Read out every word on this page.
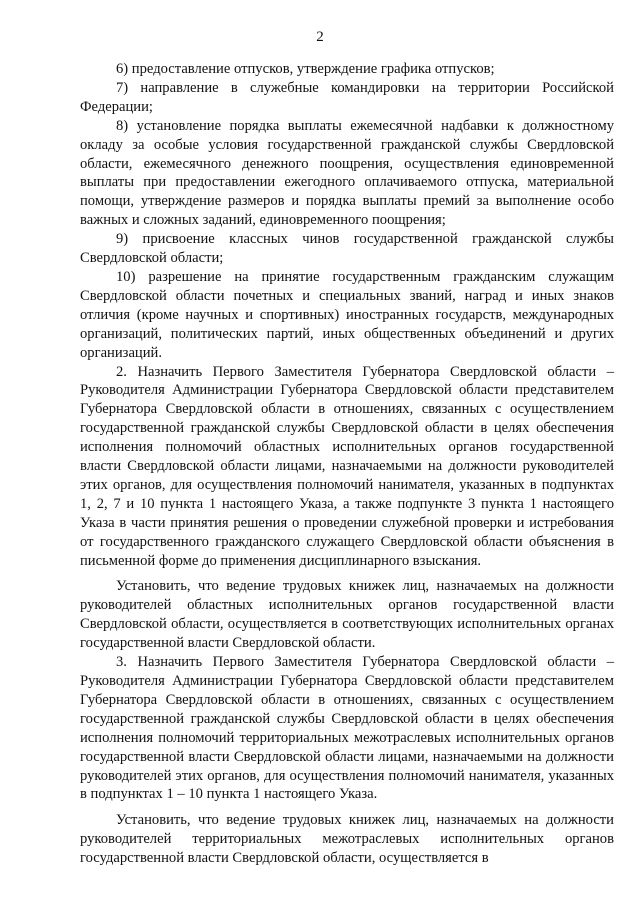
2

6) предоставление отпусков, утверждение графика отпусков;

7) направление в служебные командировки на территории Российской Федерации;

8) установление порядка выплаты ежемесячной надбавки к должностному окладу за особые условия государственной гражданской службы Свердловской области, ежемесячного денежного поощрения, осуществления единовременной выплаты при предоставлении ежегодного оплачиваемого отпуска, материальной помощи, утверждение размеров и порядка выплаты премий за выполнение особо важных и сложных заданий, единовременного поощрения;

9) присвоение классных чинов государственной гражданской службы Свердловской области;

10) разрешение на принятие государственным гражданским служащим Свердловской области почетных и специальных званий, наград и иных знаков отличия (кроме научных и спортивных) иностранных государств, международных организаций, политических партий, иных общественных объединений и других организаций.

2. Назначить Первого Заместителя Губернатора Свердловской области – Руководителя Администрации Губернатора Свердловской области представителем Губернатора Свердловской области в отношениях, связанных с осуществлением государственной гражданской службы Свердловской области в целях обеспечения исполнения полномочий областных исполнительных органов государственной власти Свердловской области лицами, назначаемыми на должности руководителей этих органов, для осуществления полномочий нанимателя, указанных в подпунктах 1, 2, 7 и 10 пункта 1 настоящего Указа, а также подпункте 3 пункта 1 настоящего Указа в части принятия решения о проведении служебной проверки и истребования от государственного гражданского служащего Свердловской области объяснения в письменной форме до применения дисциплинарного взыскания.

Установить, что ведение трудовых книжек лиц, назначаемых на должности руководителей областных исполнительных органов государственной власти Свердловской области, осуществляется в соответствующих исполнительных органах государственной власти Свердловской области.

3. Назначить Первого Заместителя Губернатора Свердловской области – Руководителя Администрации Губернатора Свердловской области представителем Губернатора Свердловской области в отношениях, связанных с осуществлением государственной гражданской службы Свердловской области в целях обеспечения исполнения полномочий территориальных межотраслевых исполнительных органов государственной власти Свердловской области лицами, назначаемыми на должности руководителей этих органов, для осуществления полномочий нанимателя, указанных в подпунктах 1 – 10 пункта 1 настоящего Указа.

Установить, что ведение трудовых книжек лиц, назначаемых на должности руководителей территориальных межотраслевых исполнительных органов государственной власти Свердловской области, осуществляется в
